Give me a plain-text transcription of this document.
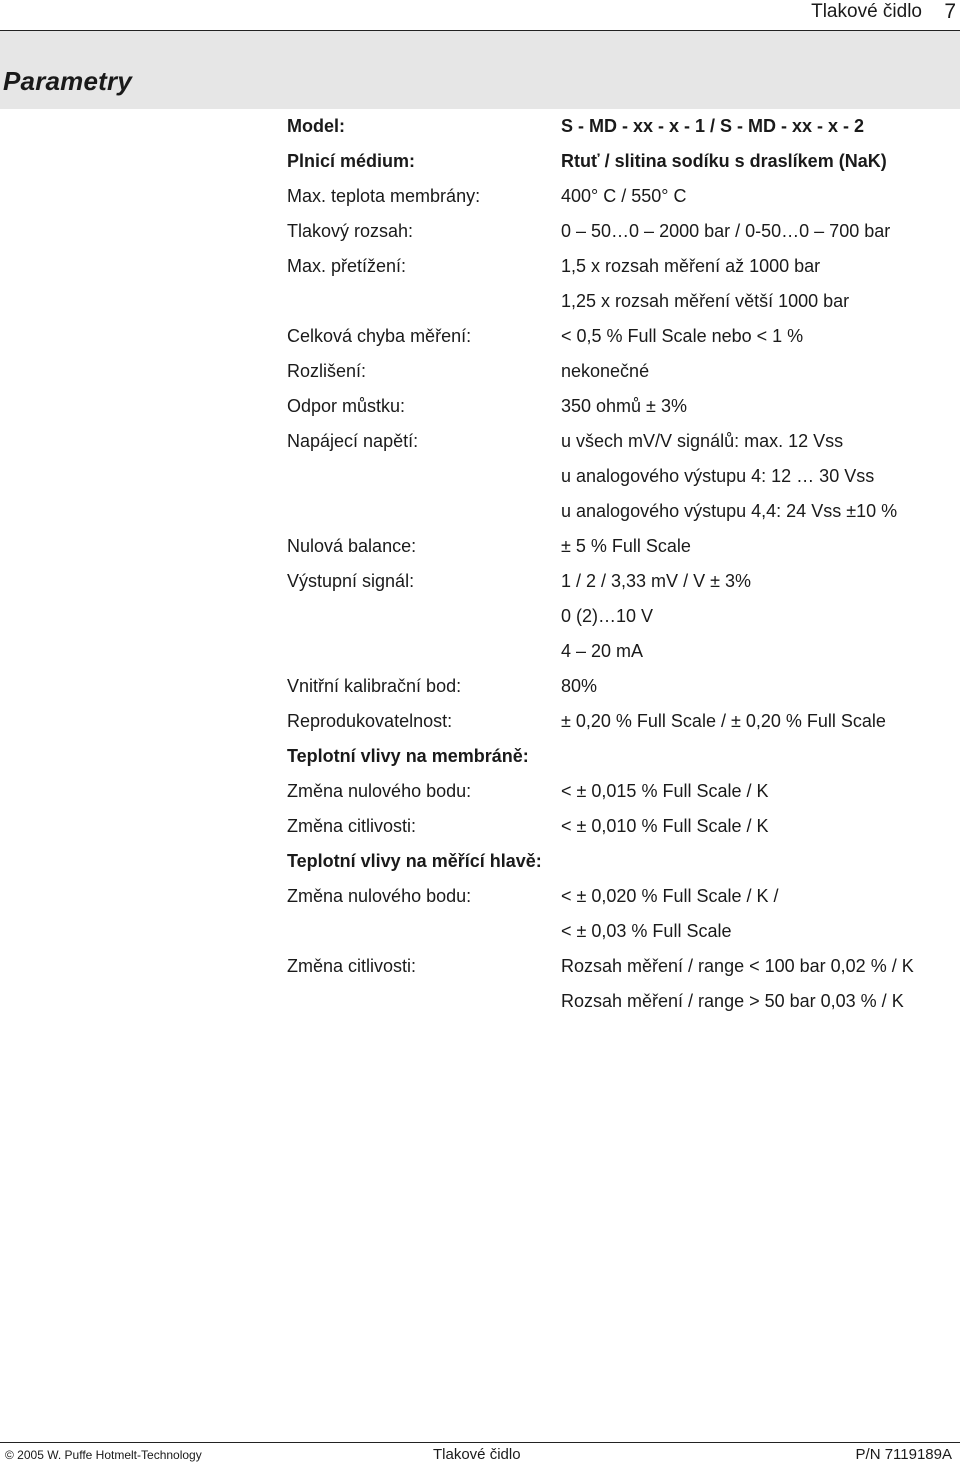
Tlakové čidlo 7
Parametry
Model:	S - MD - xx - x - 1 / S - MD - xx - x - 2
Plnicí médium:	Rtuť / slitina sodíku s draslíkem (NaK)
Max. teplota membrány:	400° C / 550° C
Tlakový rozsah:	0 – 50…0 – 2000 bar / 0-50…0 – 700 bar
Max. přetížení:	1,5 x rozsah měření až 1000 bar
1,25 x rozsah měření větší 1000 bar
Celková chyba měření:	< 0,5 % Full Scale nebo < 1 %
Rozlišení:	nekonečné
Odpor můstku:	350 ohmů ± 3%
Napájecí napětí:	u všech mV/V signálů: max. 12 Vss
u analogového výstupu 4: 12 … 30 Vss
u analogového výstupu 4,4: 24 Vss ±10 %
Nulová balance:	± 5 % Full Scale
Výstupní signál:	1 / 2 / 3,33 mV / V ± 3%
0 (2)…10 V
4 – 20 mA
Vnitřní kalibrační bod:	80%
Reprodukovatelnost:	± 0,20 % Full Scale / ± 0,20 % Full Scale
Teplotní vlivy na membráně:
Změna nulového bodu:	< ± 0,015 % Full Scale / K
Změna citlivosti:	< ± 0,010 % Full Scale / K
Teplotní vlivy na měřící hlavě:
Změna nulového bodu:	< ± 0,020 % Full Scale / K /
< ± 0,03 % Full Scale
Změna citlivosti:	Rozsah měření / range < 100 bar 0,02 % / K
Rozsah měření / range > 50 bar 0,03 % / K
© 2005 W. Puffe Hotmelt-Technology	Tlakové čidlo	P/N 7119189A
